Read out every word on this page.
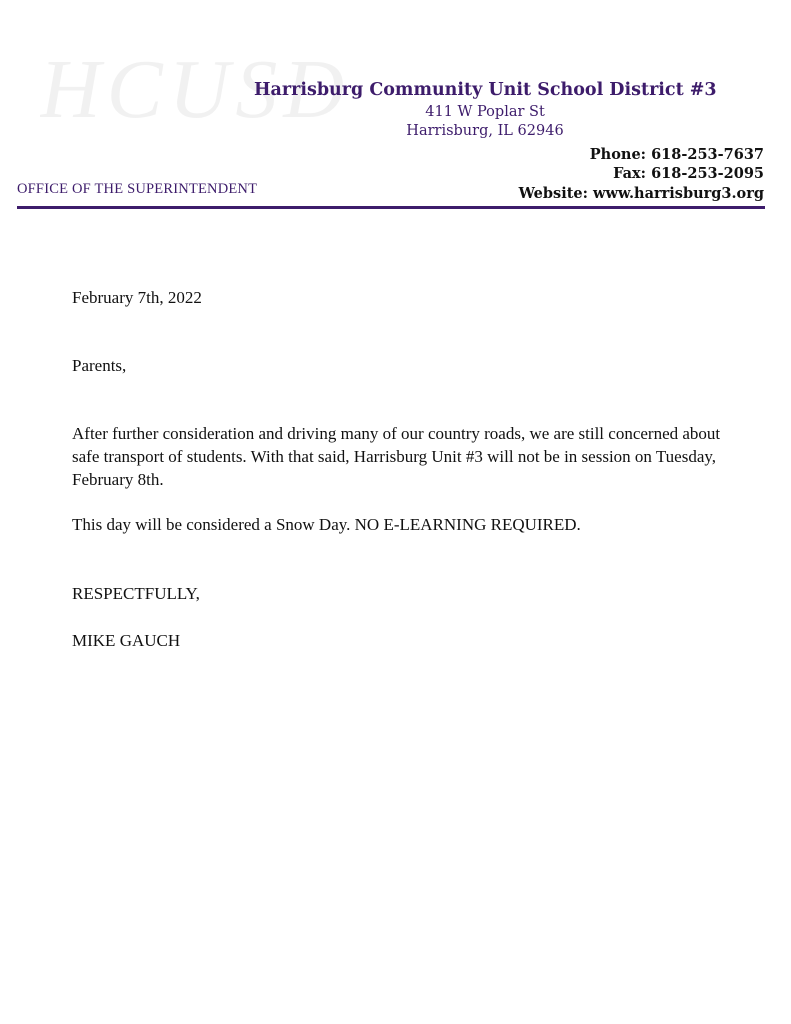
HCUSD
Harrisburg Community Unit School District #3
411 W Poplar St
Harrisburg, IL 62946
Phone: 618-253-7637
Fax: 618-253-2095
Website: www.harrisburg3.org
OFFICE OF THE SUPERINTENDENT
February 7th, 2022
Parents,
After further consideration and driving many of our country roads, we are still concerned about safe transport of students. With that said, Harrisburg Unit #3 will not be in session on Tuesday, February 8th.
This day will be considered a Snow Day. NO E-LEARNING REQUIRED.
RESPECTFULLY,
MIKE GAUCH
